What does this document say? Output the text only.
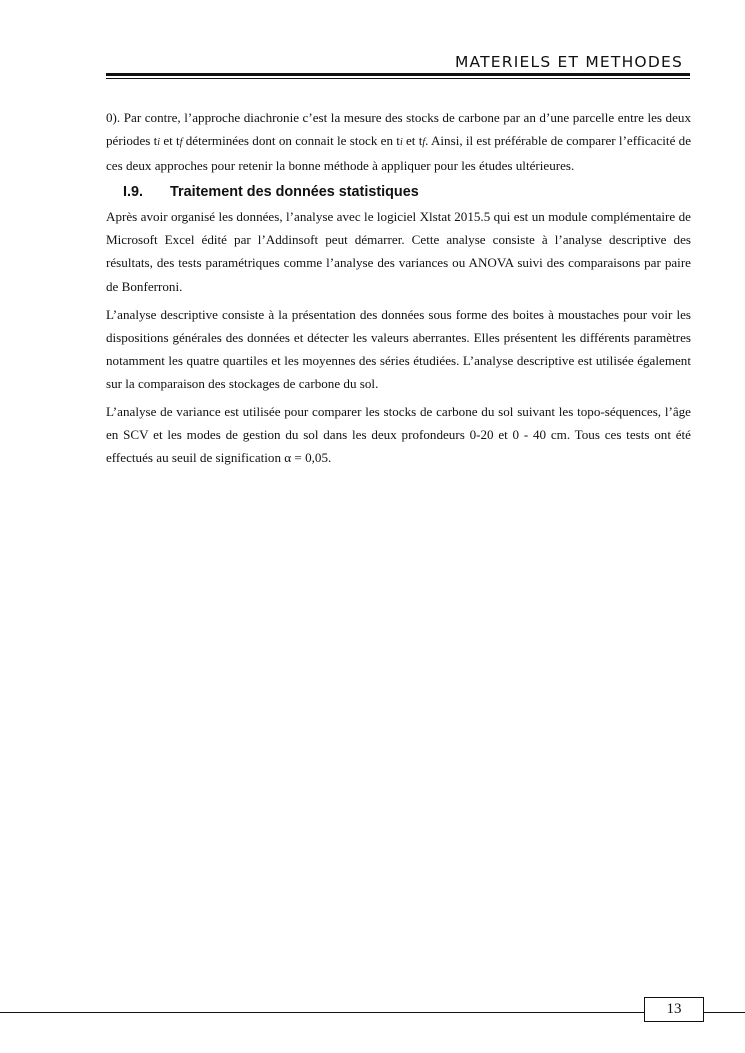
MATERIELS ET METHODES

0). Par contre, l’approche diachronie c’est la mesure des stocks de carbone par an d’une parcelle entre les deux périodes ti et tf déterminées dont on connait le stock en ti et tf. Ainsi, il est préférable de comparer l’efficacité de ces deux approches pour retenir la bonne méthode à appliquer pour les études ultérieures.

I.9. Traitement des données statistiques

Après avoir organisé les données, l’analyse avec le logiciel Xlstat 2015.5 qui est un module complémentaire de Microsoft Excel édité par l’Addinsoft peut démarrer. Cette analyse consiste à l’analyse descriptive des résultats, des tests paramétriques comme l’analyse des variances ou ANOVA suivi des comparaisons par paire de Bonferroni.

L’analyse descriptive consiste à la présentation des données sous forme des boites à moustaches pour voir les dispositions générales des données et détecter les valeurs aberrantes. Elles présentent les différents paramètres notamment les quatre quartiles et les moyennes des séries étudiées. L’analyse descriptive est utilisée également sur la comparaison des stockages de carbone du sol.

L’analyse de variance est utilisée pour comparer les stocks de carbone du sol suivant les topo-séquences, l’âge en SCV et les modes de gestion du sol dans les deux profondeurs 0-20 et 0 - 40 cm. Tous ces tests ont été effectués au seuil de signification α = 0,05.

13
